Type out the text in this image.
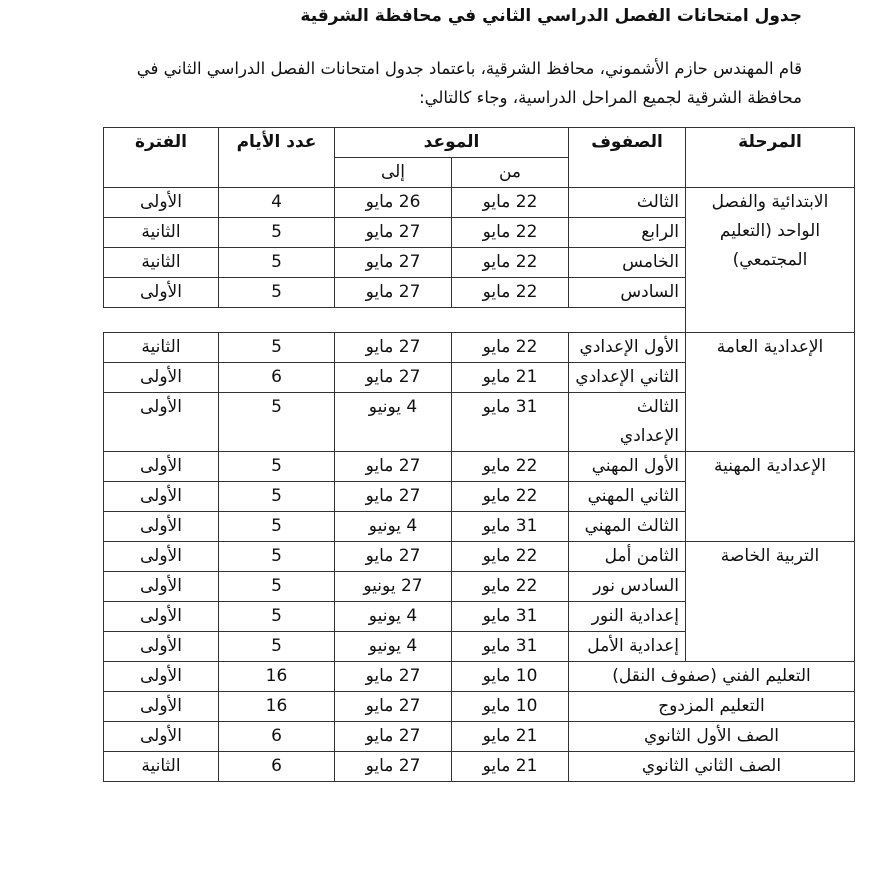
جدول امتحانات الفصل الدراسي الثاني في محافظة الشرقية
قام المهندس حازم الأشموني، محافظ الشرقية، باعتماد جدول امتحانات الفصل الدراسي الثاني في محافظة الشرقية لجميع المراحل الدراسية، وجاء كالتالي:
المرحلة	الصفوف	الموعد		عدد الأيام	الفترة
		من	إلى		
الابتدائية والفصل الواحد (التعليم المجتمعي)	الثالث	22 مايو	26 مايو	4	الأولى
	الرابع	22 مايو	27 مايو	5	الثانية
	الخامس	22 مايو	27 مايو	5	الثانية
	السادس	22 مايو	27 مايو	5	الأولى

الإعدادية العامة	الأول الإعدادي	22 مايو	27 مايو	5	الثانية
	الثاني الإعدادي	21 مايو	27 مايو	6	الأولى
	الثالث الإعدادي	31 مايو	4 يونيو	5	الأولى
الإعدادية المهنية	الأول المهني	22 مايو	27 مايو	5	الأولى
	الثاني المهني	22 مايو	27 مايو	5	الأولى
	الثالث المهني	31 مايو	4 يونيو	5	الأولى
التربية الخاصة	الثامن أمل	22 مايو	27 مايو	5	الأولى
	السادس نور	22 مايو	27 يونيو	5	الأولى
	إعدادية النور	31 مايو	4 يونيو	5	الأولى
	إعدادية الأمل	31 مايو	4 يونيو	5	الأولى
التعليم الفني (صفوف النقل)		10 مايو	27 مايو	16	الأولى
التعليم المزدوج		10 مايو	27 مايو	16	الأولى
الصف الأول الثانوي		21 مايو	27 مايو	6	الأولى
الصف الثاني الثانوي		21 مايو	27 مايو	6	الثانية
